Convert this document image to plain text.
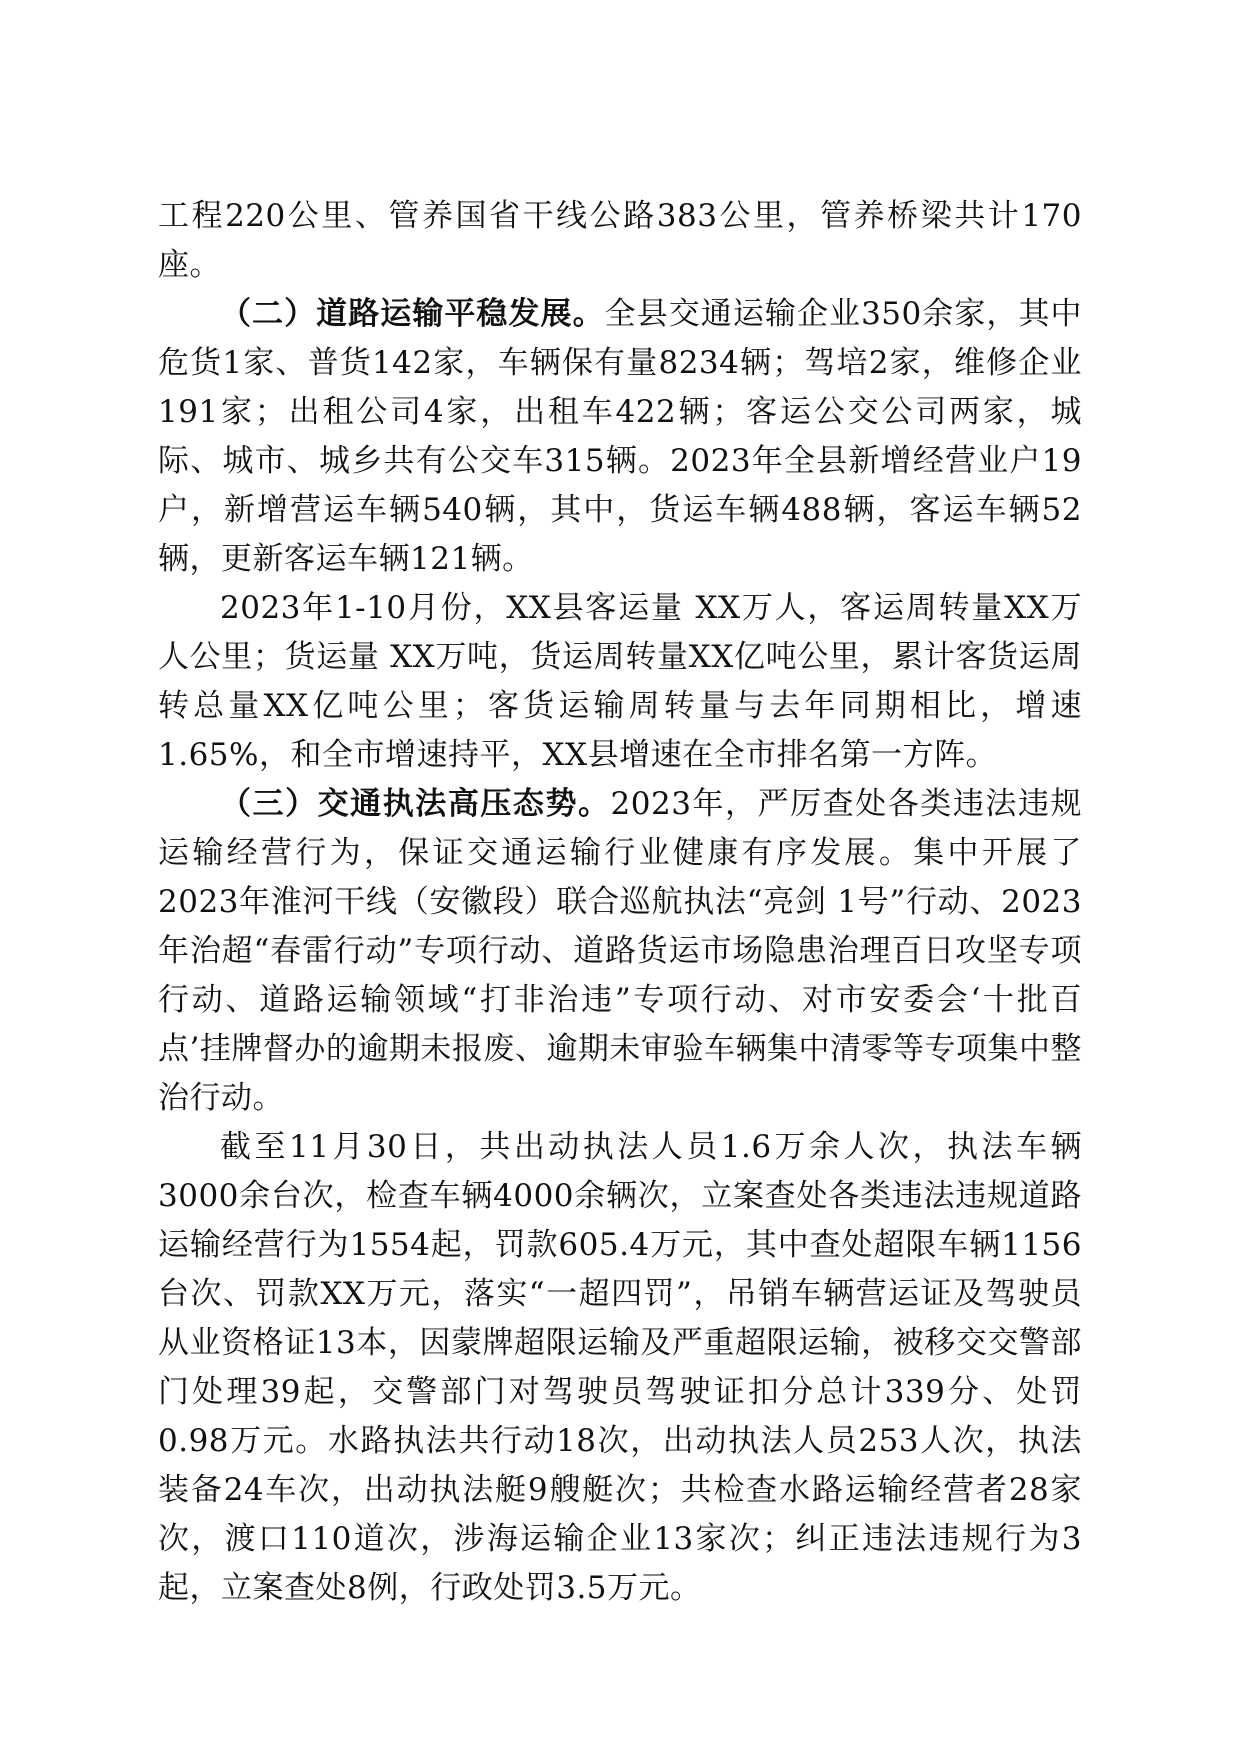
工程220公里、管养国省干线公路383公里，管养桥梁共计170座。

（二）道路运输平稳发展。全县交通运输企业350余家，其中危货1家、普货142家，车辆保有量8234辆；驾培2家，维修企业191家；出租公司4家，出租车422辆；客运公交公司两家，城际、城市、城乡共有公交车315辆。2023年全县新增经营业户19户，新增营运车辆540辆，其中，货运车辆488辆，客运车辆52辆，更新客运车辆121辆。

2023年1-10月份，XX县客运量 XX万人，客运周转量XX万人公里；货运量 XX万吨，货运周转量XX亿吨公里，累计客货运周转总量XX亿吨公里；客货运输周转量与去年同期相比，增速1.65%，和全市增速持平，XX县增速在全市排名第一方阵。

（三）交通执法高压态势。2023年，严厉查处各类违法违规运输经营行为，保证交通运输行业健康有序发展。集中开展了2023年淮河干线（安徽段）联合巡航执法“亮剑 1号”行动、2023年治超“春雷行动”专项行动、道路货运市场隐患治理百日攻坚专项行动、道路运输领域“打非治违”专项行动、对市安委会‘十批百点’挂牌督办的逾期未报废、逾期未审验车辆集中清零等专项集中整治行动。

截至11月30日，共出动执法人员1.6万余人次，执法车辆3000余台次，检查车辆4000余辆次，立案查处各类违法违规道路运输经营行为1554起，罚款605.4万元，其中查处超限车辆1156台次、罚款XX万元，落实“一超四罚”，吊销车辆营运证及驾驶员从业资格证13本，因蒙牌超限运输及严重超限运输，被移交交警部门处理39起，交警部门对驾驶员驾驶证扣分总计339分、处罚0.98万元。水路执法共行动18次，出动执法人员253人次，执法装备24车次，出动执法艇9艘艇次；共检查水路运输经营者28家次，渡口110道次，涉海运输企业13家次；纠正违法违规行为3起，立案查处8例，行政处罚3.5万元。
